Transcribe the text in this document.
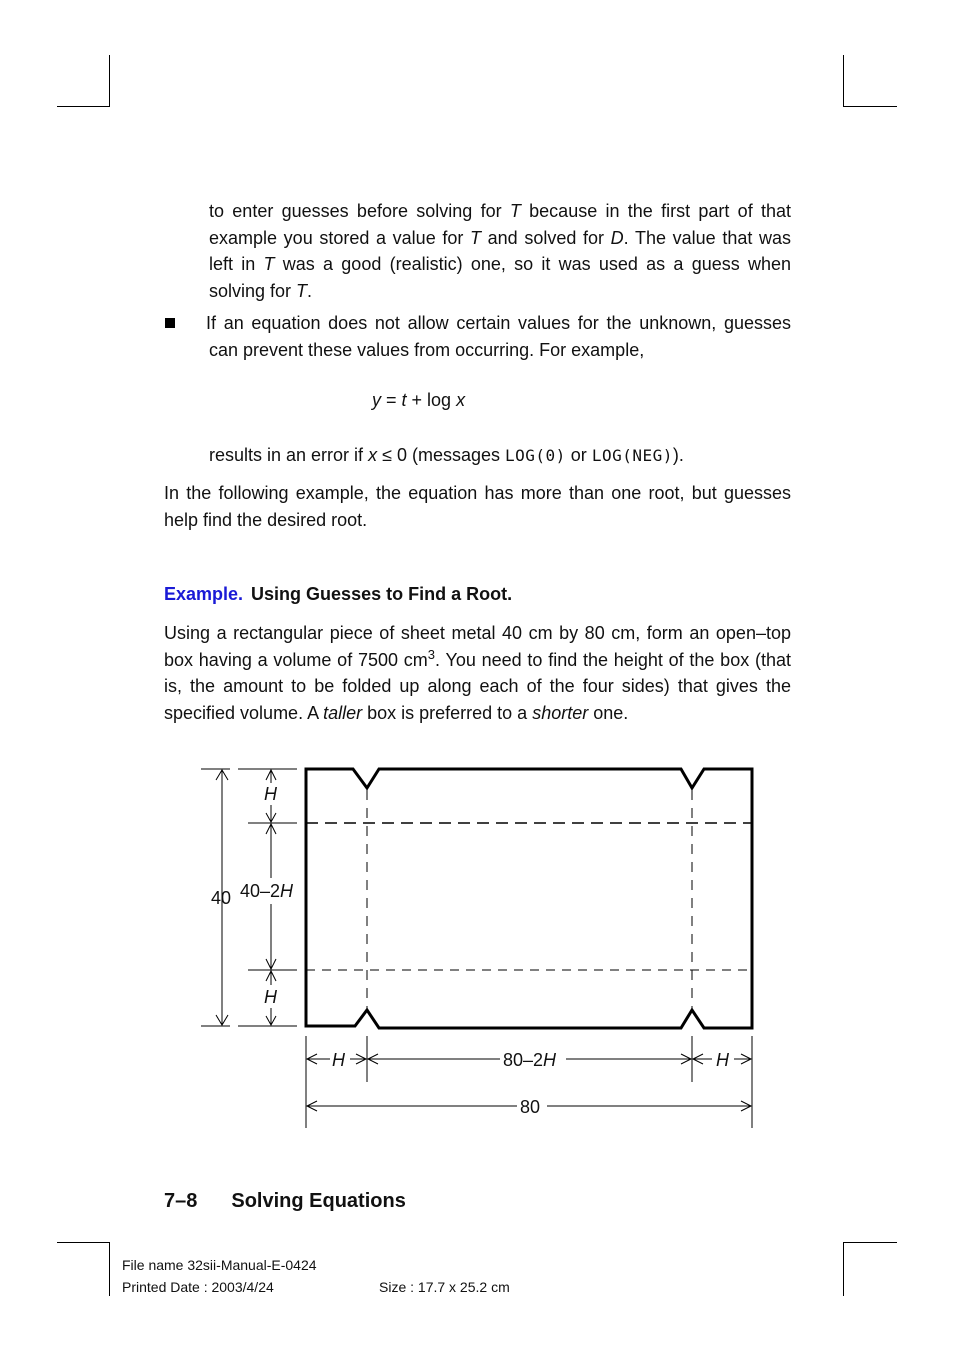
to enter guesses before solving for T because in the first part of that example you stored a value for T and solved for D. The value that was left in T was a good (realistic) one, so it was used as a guess when solving for T.
If an equation does not allow certain values for the unknown, guesses can prevent these values from occurring. For example,
y = t + log x
results in an error if x ≤ 0 (messages LOG(0) or LOG(NEG)).
In the following example, the equation has more than one root, but guesses help find the desired root.
Example. Using Guesses to Find a Root.
Using a rectangular piece of sheet metal 40 cm by 80 cm, form an open–top box having a volume of 7500 $cm^3$. You need to find the height of the box (that is, the amount to be folded up along each of the four sides) that gives the specified volume. A taller box is preferred to a shorter one.
H
H
40 40–2H
H	H
80–2H
80
7–8 Solving Equations
File name 32sii-Manual-E-0424
Printed Date : 2003/4/24	Size : 17.7 x 25.2 cm
